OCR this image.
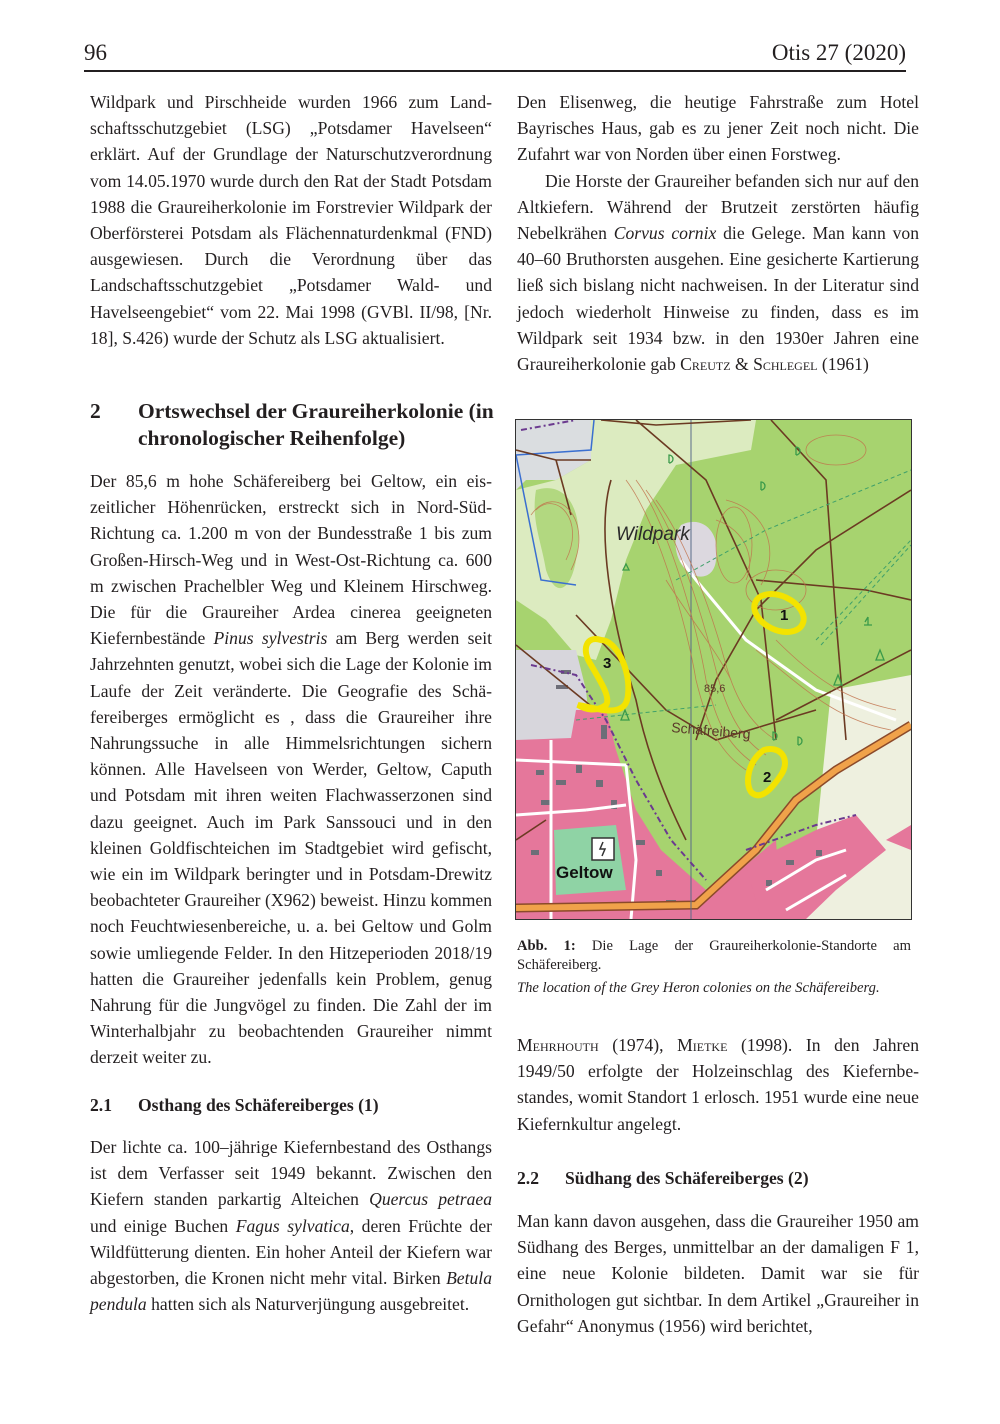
96	Otis 27 (2020)

Wildpark und Pirschheide wurden 1966 zum Landschaftsschutzgebiet (LSG) „Potsdamer Havelseen“ erklärt. Auf der Grundlage der Naturschutzverordnung vom 14.05.1970 wurde durch den Rat der Stadt Potsdam 1988 die Graureiherkolonie im Forstrevier Wildpark der Oberförsterei Potsdam als Flächennaturdenkmal (FND) ausgewiesen. Durch die Verordnung über das Landschaftsschutzgebiet „Potsdamer Wald- und Havelseengebiet“ vom 22. Mai 1998 (GVBl. II/98, [Nr. 18], S.426) wurde der Schutz als LSG aktualisiert.

2 Ortswechsel der Graureiherkolonie (in chronologischer Reihenfolge)

Der 85,6 m hohe Schäfereiberg bei Geltow, ein eiszeitlicher Höhenrücken, erstreckt sich in Nord-Süd-Richtung ca. 1.200 m von der Bundesstraße 1 bis zum Großen-Hirsch-Weg und in West-Ost-Richtung ca. 600 m zwischen Prachelbler Weg und Kleinem Hirschweg. Die für die Graureiher Ardea cinerea geeigneten Kiefernbestände Pinus sylvestris am Berg werden seit Jahrzehnten genutzt, wobei sich die Lage der Kolonie im Laufe der Zeit veränderte. Die Geografie des Schäfereiberges ermöglicht es , dass die Graureiher ihre Nahrungssuche in alle Himmelsrichtungen sichern können. Alle Havelseen von Werder, Geltow, Caputh und Potsdam mit ihren weiten Flachwasserzonen sind dazu geeignet. Auch im Park Sanssouci und in den kleinen Goldfischteichen im Stadtgebiet wird gefischt, wie ein im Wildpark beringter und in Potsdam-Drewitz beobachteter Graureiher (X962) beweist. Hinzu kommen noch Feuchtwiesenbereiche, u. a. bei Geltow und Golm sowie umliegende Felder. In den Hitzeperioden 2018/19 hatten die Graureiher jedenfalls kein Problem, genug Nahrung für die Jungvögel zu finden. Die Zahl der im Winterhalbjahr zu beobachtenden Graureiher nimmt derzeit weiter zu.

2.1 Osthang des Schäfereiberges (1)

Der lichte ca. 100–jährige Kiefernbestand des Osthangs ist dem Verfasser seit 1949 bekannt. Zwischen den Kiefern standen parkartig Alteichen Quercus petraea und einige Buchen Fagus sylvatica, deren Früchte der Wildfütterung dienten. Ein hoher Anteil der Kiefern war abgestorben, die Kronen nicht mehr vital. Birken Betula pendula hatten sich als Naturverjüngung ausgebreitet.

Den Elisenweg, die heutige Fahrstraße zum Hotel Bayrisches Haus, gab es zu jener Zeit noch nicht. Die Zufahrt war von Norden über einen Forstweg.

Die Horste der Graureiher befanden sich nur auf den Altkiefern. Während der Brutzeit zerstörten häufig Nebelkrähen Corvus cornix die Gelege. Man kann von 40–60 Bruthorsten ausgehen. Eine gesicherte Kartierung ließ sich bislang nicht nachweisen. In der Literatur sind jedoch wiederholt Hinweise zu finden, dass es im Wildpark seit 1934 bzw. in den 1930er Jahren eine Graureiherkolonie gab Creutz & Schlegel (1961)

Wildpark
85,6
Schäfreiberg
Geltow
1
2
3
Abb. 1: Die Lage der Graureiherkolonie-Standorte am Schäfereiberg.
The location of the Grey Heron colonies on the Schäfereiberg.

Mehrhouth (1974), Mietke (1998). In den Jahren 1949/50 erfolgte der Holzeinschlag des Kiefernbestandes, womit Standort 1 erlosch. 1951 wurde eine neue Kiefernkultur angelegt.

2.2 Südhang des Schäfereiberges (2)

Man kann davon ausgehen, dass die Graureiher 1950 am Südhang des Berges, unmittelbar an der damaligen F 1, eine neue Kolonie bildeten. Damit war sie für Ornithologen gut sichtbar. In dem Artikel „Graureiher in Gefahr“ Anonymus (1956) wird berichtet,
